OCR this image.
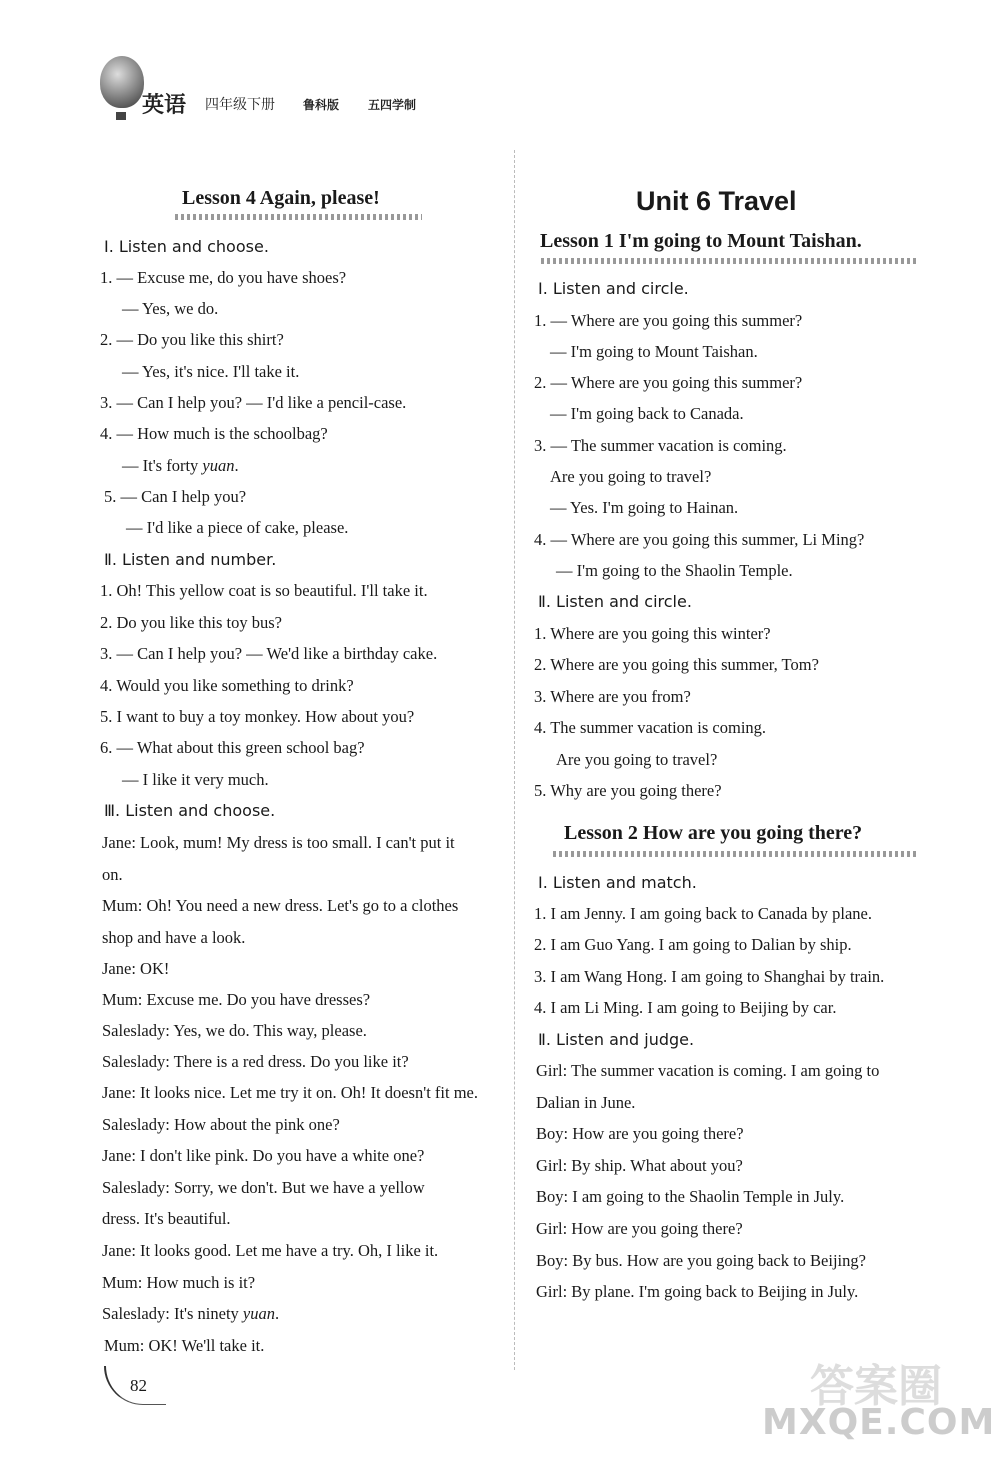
英语 四年级下册 鲁科版 五四学制
Lesson 4 Again, please!
Ⅰ. Listen and choose.
1. — Excuse me, do you have shoes?
— Yes, we do.
2. — Do you like this shirt?
— Yes, it's nice. I'll take it.
3. — Can I help you? — I'd like a pencil-case.
4. — How much is the schoolbag?
— It's forty yuan.
5. — Can I help you?
— I'd like a piece of cake, please.
Ⅱ. Listen and number.
1. Oh! This yellow coat is so beautiful. I'll take it.
2. Do you like this toy bus?
3. — Can I help you? — We'd like a birthday cake.
4. Would you like something to drink?
5. I want to buy a toy monkey. How about you?
6. — What about this green school bag?
— I like it very much.
Ⅲ. Listen and choose.
Jane: Look, mum! My dress is too small. I can't put it
on.
Mum: Oh! You need a new dress. Let's go to a clothes
shop and have a look.
Jane: OK!
Mum: Excuse me. Do you have dresses?
Saleslady: Yes, we do. This way, please.
Saleslady: There is a red dress. Do you like it?
Jane: It looks nice. Let me try it on. Oh! It doesn't fit me.
Saleslady: How about the pink one?
Jane: I don't like pink. Do you have a white one?
Saleslady: Sorry, we don't. But we have a yellow
dress. It's beautiful.
Jane: It looks good. Let me have a try. Oh, I like it.
Mum: How much is it?
Saleslady: It's ninety yuan.
Mum: OK! We'll take it.
Unit 6 Travel
Lesson 1 I'm going to Mount Taishan.
Ⅰ. Listen and circle.
1. — Where are you going this summer?
— I'm going to Mount Taishan.
2. — Where are you going this summer?
— I'm going back to Canada.
3. — The summer vacation is coming.
Are you going to travel?
— Yes. I'm going to Hainan.
4. — Where are you going this summer, Li Ming?
— I'm going to the Shaolin Temple.
Ⅱ. Listen and circle.
1. Where are you going this winter?
2. Where are you going this summer, Tom?
3. Where are you from?
4. The summer vacation is coming.
Are you going to travel?
5. Why are you going there?
Lesson 2 How are you going there?
Ⅰ. Listen and match.
1. I am Jenny. I am going back to Canada by plane.
2. I am Guo Yang. I am going to Dalian by ship.
3. I am Wang Hong. I am going to Shanghai by train.
4. I am Li Ming. I am going to Beijing by car.
Ⅱ. Listen and judge.
Girl: The summer vacation is coming. I am going to
Dalian in June.
Boy: How are you going there?
Girl: By ship. What about you?
Boy: I am going to the Shaolin Temple in July.
Girl: How are you going there?
Boy: By bus. How are you going back to Beijing?
Girl: By plane. I'm going back to Beijing in July.
82	答案圈
MXQE.COM
